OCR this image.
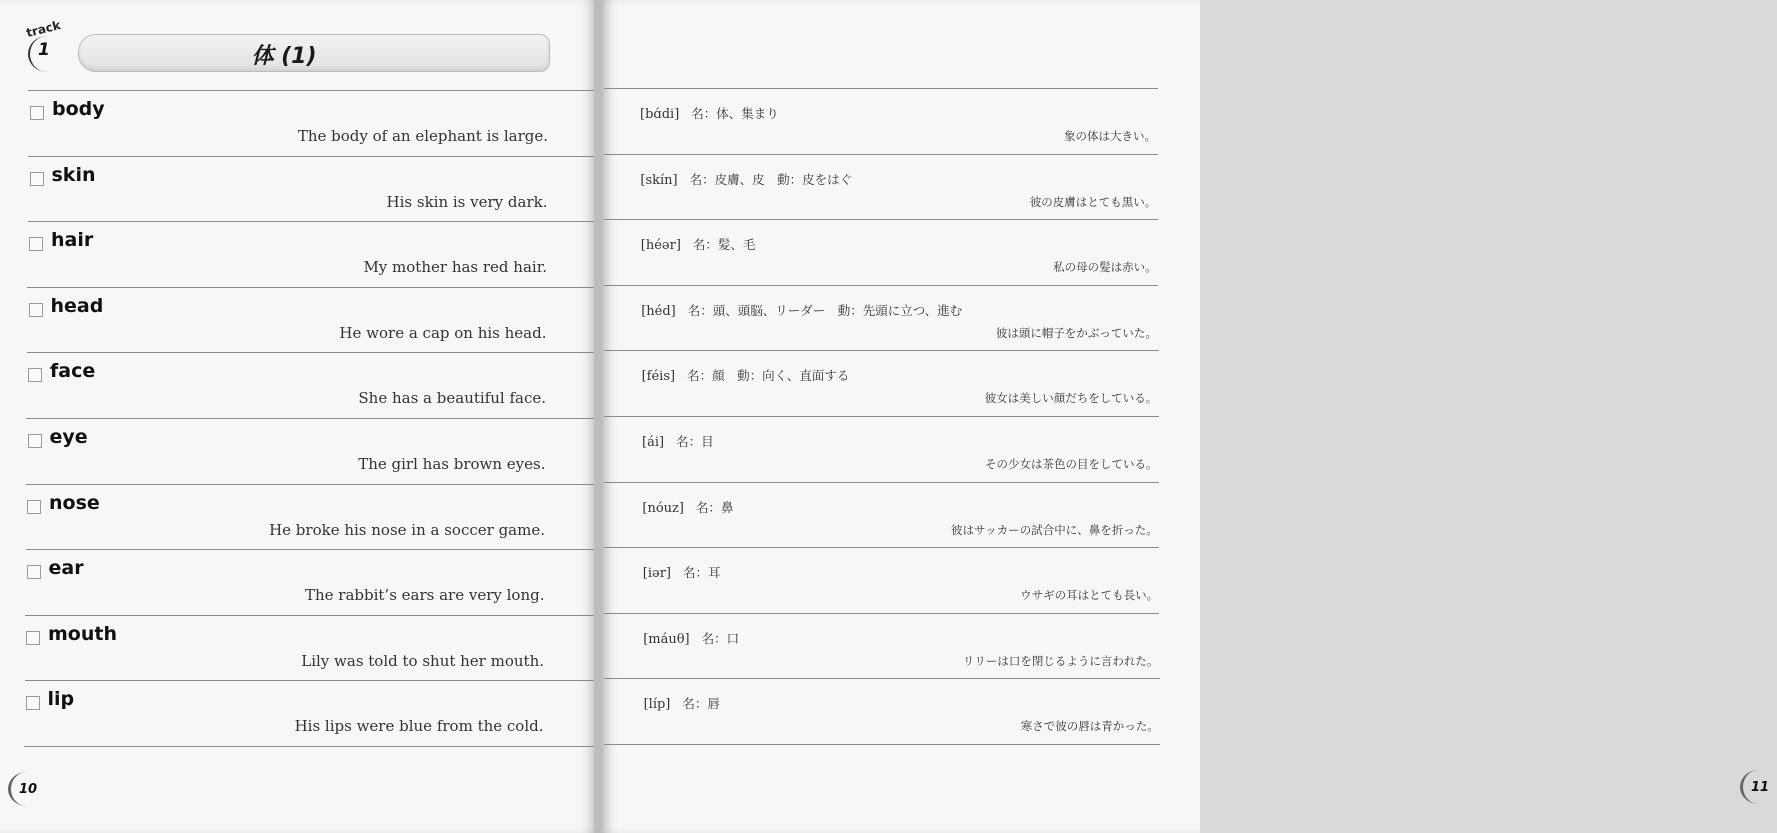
track
1	体 (1)
body
The body of an elephant is large.
skin
His skin is very dark.
hair
My mother has red hair.
head
He wore a cap on his head.
face
She has a beautiful face.
eye
The girl has brown eyes.
nose
He broke his nose in a soccer game.
ear
The rabbit’s ears are very long.
mouth
Lily was told to shut her mouth.
lip
His lips were blue from the cold.
10
[bɑ́di] 名：体、集まり
象の体は大きい。
[skín] 名：皮膚、皮　動：皮をはぐ
彼の皮膚はとても黒い。
[héər] 名：髪、毛
私の母の髪は赤い。
[héd] 名：頭、頭脳、リーダー　動：先頭に立つ、進む
彼は頭に帽子をかぶっていた。
[féis] 名：顔　動：向く、直面する
彼女は美しい顔だちをしている。
[ái] 名：目
その少女は茶色の目をしている。
[nóuz] 名：鼻
彼はサッカーの試合中に、鼻を折った。
[iər] 名：耳
ウサギの耳はとても長い。
[máuθ] 名：口
リリーは口を閉じるように言われた。
[líp] 名：唇
寒さで彼の唇は青かった。
11
